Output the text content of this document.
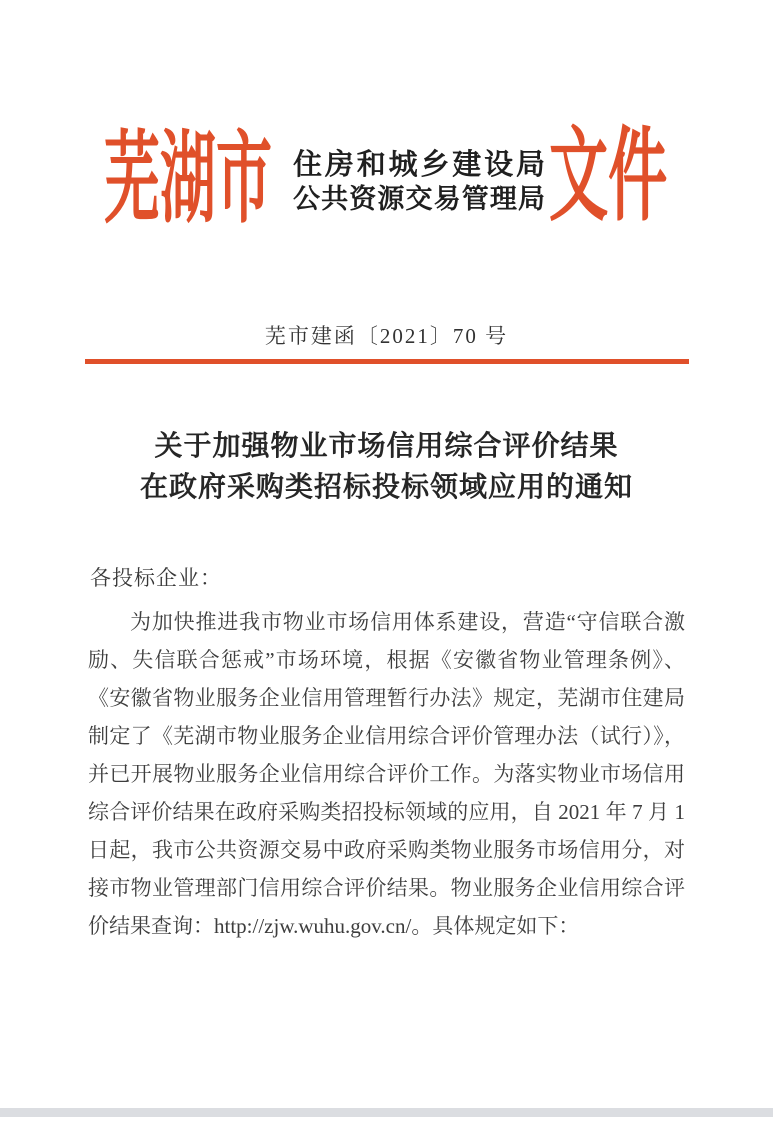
芜湖市 住房和城乡建设局
公共资源交易管理局 文件
芜市建函〔2021〕70 号
关于加强物业市场信用综合评价结果
在政府采购类招标投标领域应用的通知
各投标企业：
为加快推进我市物业市场信用体系建设，营造“守信联合激
励、失信联合惩戒”市场环境，根据《安徽省物业管理条例》、
《安徽省物业服务企业信用管理暂行办法》规定，芜湖市住建局
制定了《芜湖市物业服务企业信用综合评价管理办法（试行）》，
并已开展物业服务企业信用综合评价工作。为落实物业市场信用
综合评价结果在政府采购类招投标领域的应用，自 2021 年 7 月 1
日起，我市公共资源交易中政府采购类物业服务市场信用分，对
接市物业管理部门信用综合评价结果。物业服务企业信用综合评
价结果查询：http://zjw.wuhu.gov.cn/。具体规定如下：
